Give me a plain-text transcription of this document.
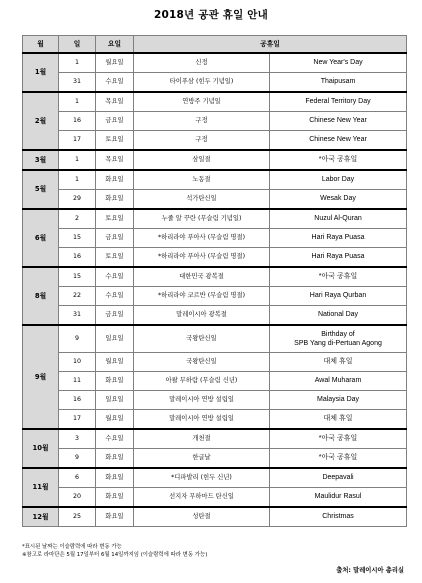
2018년 공관 휴일 안내
월	일	요일	공휴일	
1월	1	월요일	신정	New Year's Day
	31	수요일	타이푸삼 (힌두 기념일)	Thaipusam
2월	1	목요일	연방주 기념일	Federal Territory Day
	16	금요일	구정	Chinese New Year
	17	토요일	구정	Chinese New Year
3월	1	목요일	삼일절	*아국 공휴일
5월	1	화요일	노동절	Labor Day
	29	화요일	석가탄신일	Wesak Day
6월	2	토요일	누줄 알 꾸란 (무슬림 기념일)	Nuzul Al-Quran
	15	금요일	*하리라야 푸아사 (무슬림 명절)	Hari Raya Puasa
	16	토요일	*하리라야 푸아사 (무슬림 명절)	Hari Raya Puasa
8월	15	수요일	대한민국 광복절	*아국 공휴일
	22	수요일	*하리라야 코르반 (무슬림 명절)	Hari Raya Qurban
	31	금요일	말레이시아 광복절	National Day
9월	9	일요일	국왕탄신일	Birthday of
SPB Yang di-Pertuan Agong

	10	월요일	국왕탄신일	대체 휴일
	11	화요일	아왈 무하람 (무슬림 신년)	Awal Muharam
	16	일요일	말레이시아 연방 설립일	Malaysia Day
	17	월요일	말레이시아 연방 설립일	대체 휴일
10월	3	수요일	개천절	*아국 공휴일
	9	화요일	한글날	*아국 공휴일
11월	6	화요일	*디파발리 (힌두 신년)	Deepavali
	20	화요일	선지자 무하마드 탄신일	Maulidur Rasul
12월	25	화요일	성탄절	Christmas
*표시된 날짜는 이슬람력에 따라 변동 가능
※참고로 라마단은 5월 17일부터 6월 14일까지임 (이슬람력에 따라 변동 가능)
출처: 말레이시아 총리실
